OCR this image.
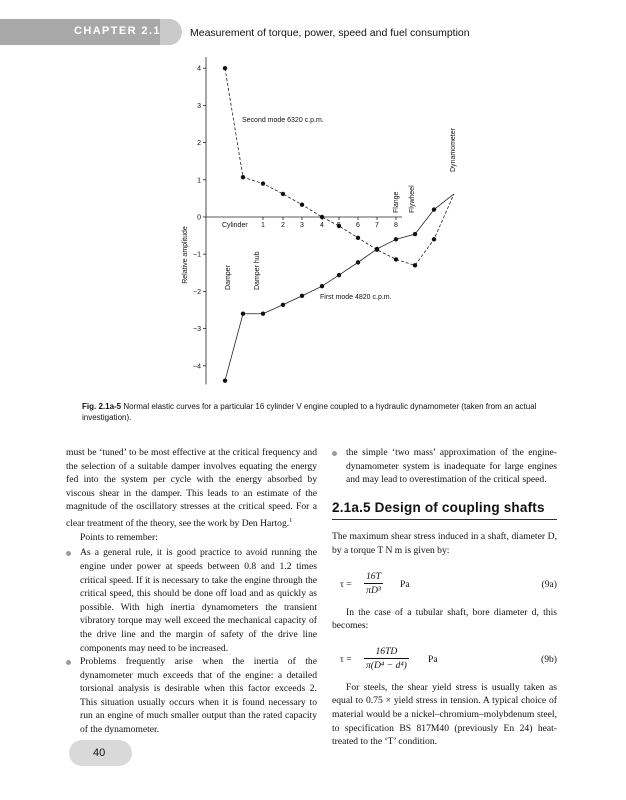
CHAPTER 2.1	Measurement of torque, power, speed and fuel consumption
4
3
2
1
0
−1
−2
−3
−4
1 2 3 4	6 7 8
Relative amplitude
Cylinder
Second mode 6320 c.p.m.
First mode 4820 c.p.m.
Damper	Damper hub
Flange Flywheel
Dynamometer
Fig. 2.1a-5 Normal elastic curves for a particular 16 cylinder V engine coupled to a hydraulic dynamometer (taken from an actual investigation).

must be ‘tuned’ to be most effective at the critical frequency and the selection of a suitable damper involves equating the energy fed into the system per cycle with the energy absorbed by viscous shear in the damper. This leads to an estimate of the magnitude of the oscillatory stresses at the critical speed. For a clear treatment of the theory, see the work by Den Hartog.$^1$

Points to remember:

As a general rule, it is good practice to avoid running the engine under power at speeds between 0.8 and 1.2 times critical speed. If it is necessary to take the engine through the critical speed, this should be done off load and as quickly as possible. With high inertia dynamometers the transient vibratory torque may well exceed the mechanical capacity of the drive line and the margin of safety of the drive line components may need to be increased.

Problems frequently arise when the inertia of the dynamometer much exceeds that of the engine: a detailed torsional analysis is desirable when this factor exceeds 2. This situation usually occurs when it is found necessary to run an engine of much smaller output than the rated capacity of the dynamometer.

the simple ‘two mass’ approximation of the engine-dynamometer system is inadequate for large engines and may lead to overestimation of the critical speed.

2.1a.5 Design of coupling shafts

The maximum shear stress induced in a shaft, diameter D, by a torque T N m is given by:

$\tau = \frac{16T}{\text{πD³}}$ Pa	(9a)

In the case of a tubular shaft, bore diameter d, this becomes:

$\tau = \frac{16TD}{\text{π(D⁴ − d⁴)}}$ Pa	(9b)

For steels, the shear yield stress is usually taken as equal to 0.75 × yield stress in tension. A typical choice of material would be a nickel–chromium–molybdenum steel, to specification BS 817M40 (previously En 24) heat-treated to the ‘T’ condition.

40
